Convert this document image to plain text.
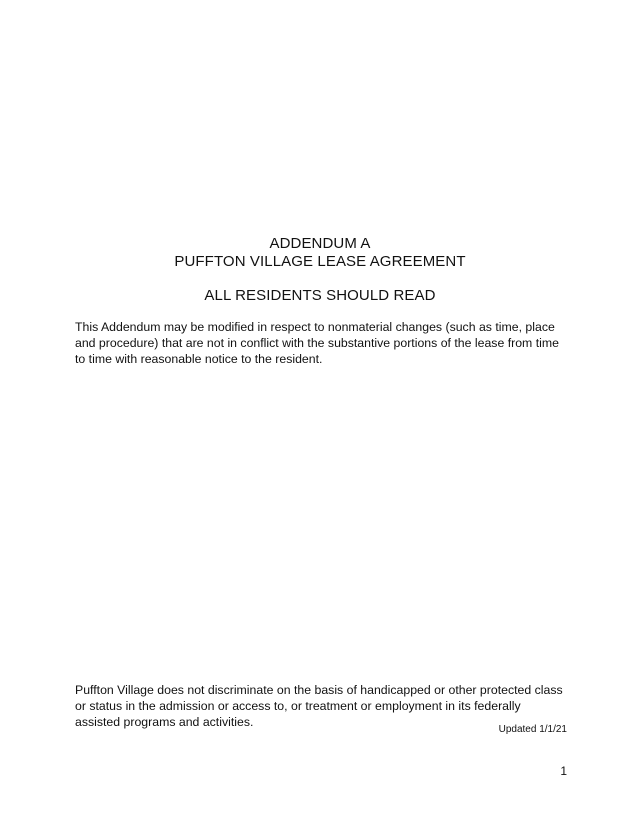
ADDENDUM A
PUFFTON VILLAGE LEASE AGREEMENT
ALL RESIDENTS SHOULD READ

This Addendum may be modified in respect to nonmaterial changes (such as time, place and procedure) that are not in conflict with the substantive portions of the lease from time to time with reasonable notice to the resident.

Puffton Village does not discriminate on the basis of handicapped or other protected class or status in the admission or access to, or treatment or employment in its federally assisted programs and activities.

Updated 1/1/21
1
